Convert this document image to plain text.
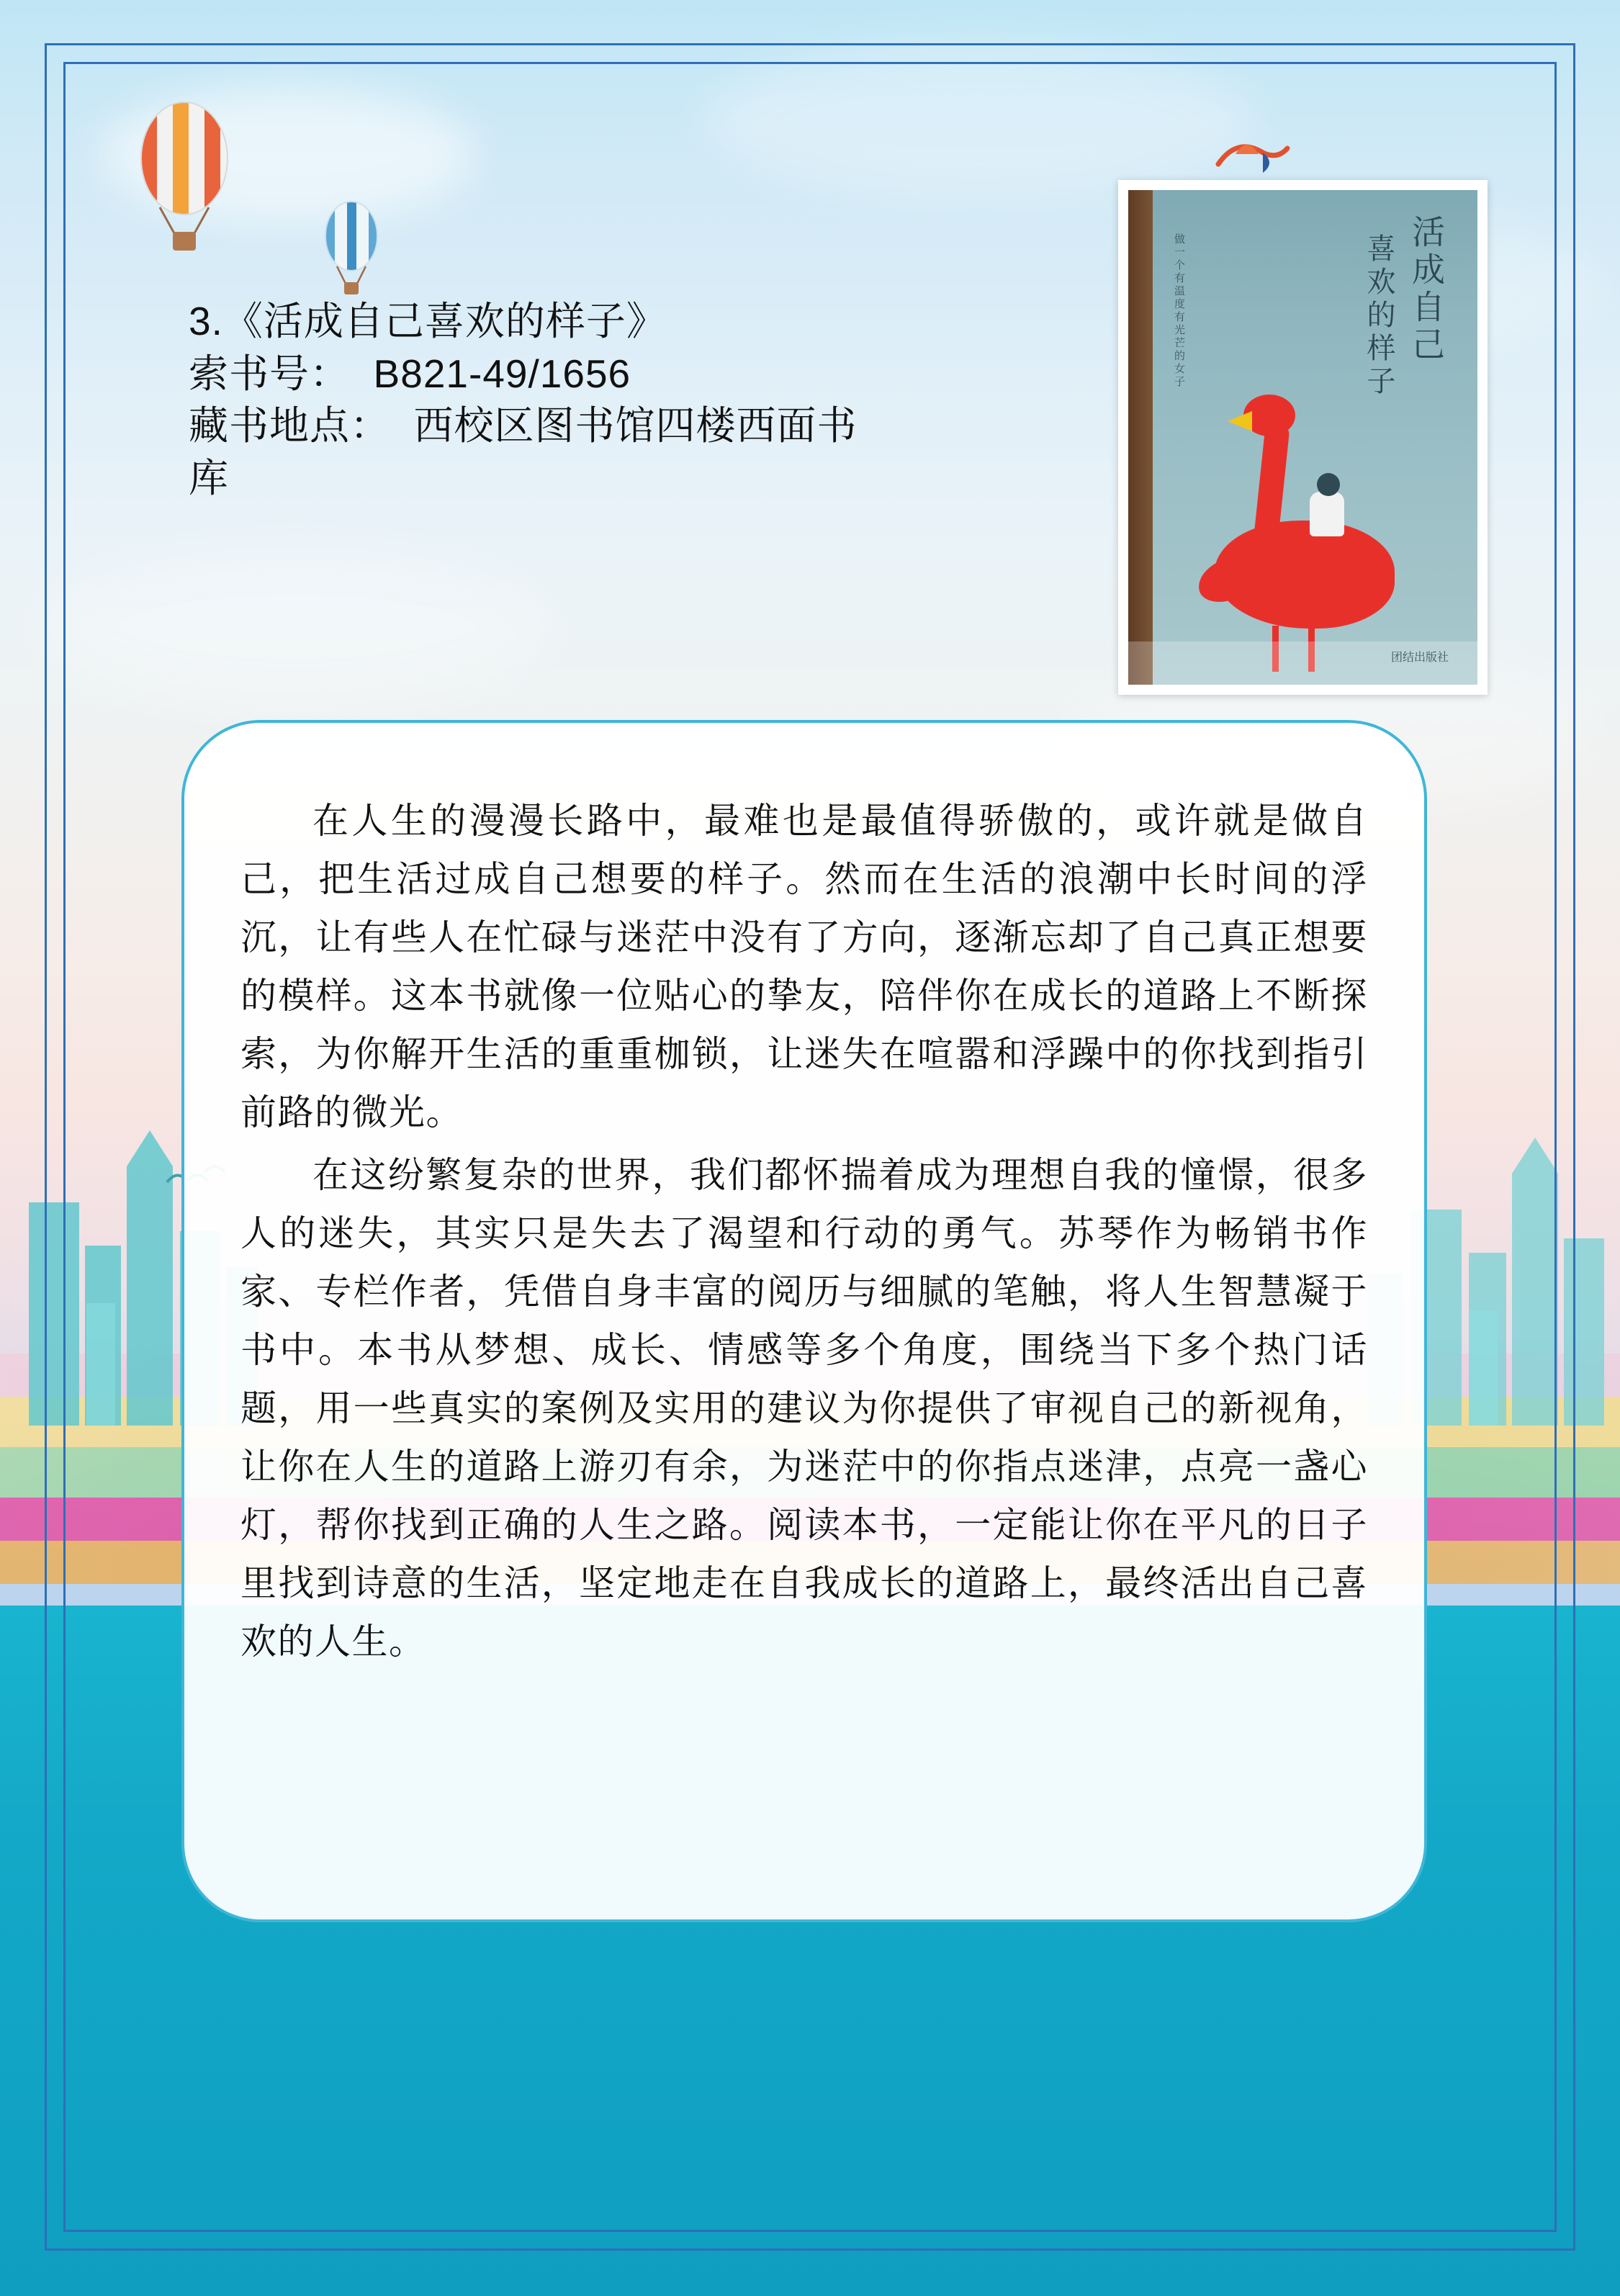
3.《活成自己喜欢的样子》
索书号：  B821-49/1656
藏书地点：  西校区图书馆四楼西面书
库
活成自己
喜欢的样子
做一个有温度有光芒的女子
团结出版社

在人生的漫漫长路中，最难也是最值得骄傲的，或许就是做自己，把生活过成自己想要的样子。然而在生活的浪潮中长时间的浮沉，让有些人在忙碌与迷茫中没有了方向，逐渐忘却了自己真正想要的模样。这本书就像一位贴心的挚友，陪伴你在成长的道路上不断探索，为你解开生活的重重枷锁，让迷失在喧嚣和浮躁中的你找到指引前路的微光。

在这纷繁复杂的世界，我们都怀揣着成为理想自我的憧憬，很多人的迷失，其实只是失去了渴望和行动的勇气。苏琴作为畅销书作家、专栏作者，凭借自身丰富的阅历与细腻的笔触，将人生智慧凝于书中。本书从梦想、成长、情感等多个角度，围绕当下多个热门话题，用一些真实的案例及实用的建议为你提供了审视自己的新视角，让你在人生的道路上游刃有余，为迷茫中的你指点迷津，点亮一盏心灯，帮你找到正确的人生之路。阅读本书，一定能让你在平凡的日子里找到诗意的生活，坚定地走在自我成长的道路上，最终活出自己喜欢的人生。
